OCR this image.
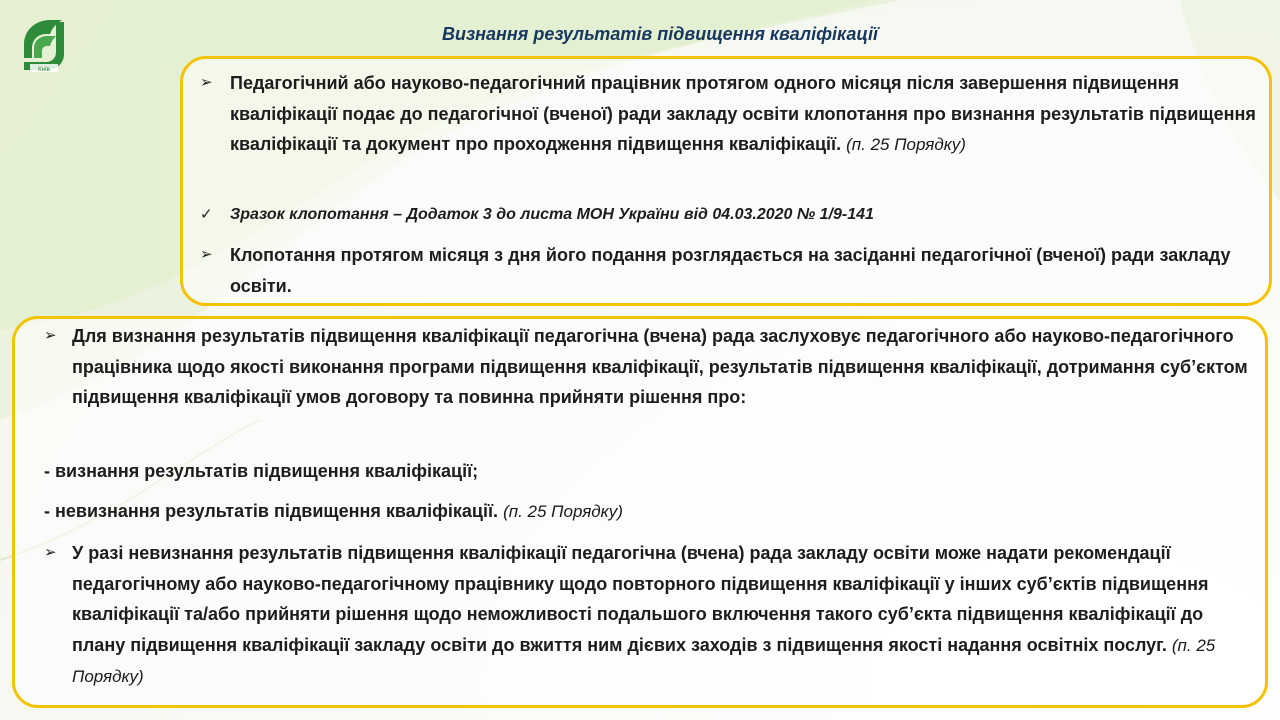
Київ
Визнання результатів підвищення кваліфікації
➢ Педагогічний або науково-педагогічний працівник протягом одного місяця після завершення підвищення кваліфікації подає до педагогічної (вченої) ради закладу освіти клопотання про визнання результатів підвищення кваліфікації та документ про проходження підвищення кваліфікації. (п. 25 Порядку)
✓ Зразок клопотання – Додаток 3 до листа МОН України від 04.03.2020 № 1/9-141
➢ Клопотання протягом місяця з дня його подання розглядається на засіданні педагогічної (вченої) ради закладу освіти.
➢ Для визнання результатів підвищення кваліфікації педагогічна (вчена) рада заслуховує педагогічного або науково-педагогічного працівника щодо якості виконання програми підвищення кваліфікації, результатів підвищення кваліфікації, дотримання суб’єктом підвищення кваліфікації умов договору та повинна прийняти рішення про:
- визнання результатів підвищення кваліфікації;
- невизнання результатів підвищення кваліфікації. (п. 25 Порядку)
➢ У разі невизнання результатів підвищення кваліфікації педагогічна (вчена) рада закладу освіти може надати рекомендації педагогічному або науково-педагогічному працівнику щодо повторного підвищення кваліфікації у інших суб’єктів підвищення кваліфікації та/або прийняти рішення щодо неможливості подальшого включення такого суб’єкта підвищення кваліфікації до плану підвищення кваліфікації закладу освіти до вжиття ним дієвих заходів з підвищення якості надання освітніх послуг. (п. 25 Порядку)
